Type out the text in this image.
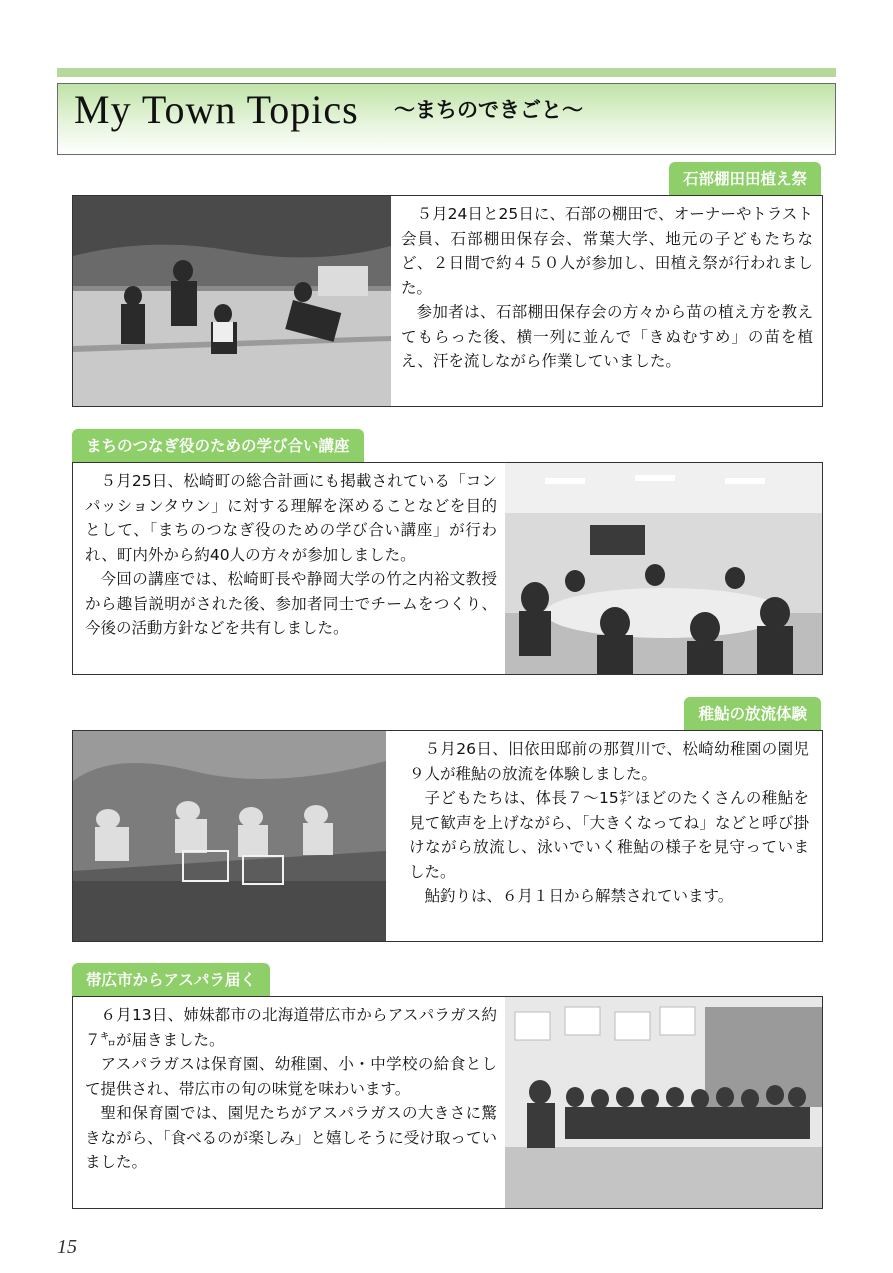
My Town Topics ～まちのできごと～
石部棚田田植え祭

５月24日と25日に、石部の棚田で、オーナーやトラスト会員、石部棚田保存会、常葉大学、地元の子どもたちなど、２日間で約４５０人が参加し、田植え祭が行われました。

参加者は、石部棚田保存会の方々から苗の植え方を教えてもらった後、横一列に並んで「きぬむすめ」の苗を植え、汗を流しながら作業していました。

まちのつなぎ役のための学び合い講座

５月25日、松崎町の総合計画にも掲載されている「コンパッションタウン」に対する理解を深めることなどを目的として、「まちのつなぎ役のための学び合い講座」が行われ、町内外から約40人の方々が参加しました。

今回の講座では、松崎町長や静岡大学の竹之内裕文教授から趣旨説明がされた後、参加者同士でチームをつくり、今後の活動方針などを共有しました。

稚鮎の放流体験

５月26日、旧依田邸前の那賀川で、松崎幼稚園の園児９人が稚鮎の放流を体験しました。

子どもたちは、体長７～15㌢ほどのたくさんの稚鮎を見て歓声を上げながら、「大きくなってね」などと呼び掛けながら放流し、泳いでいく稚鮎の様子を見守っていました。

鮎釣りは、６月１日から解禁されています。

帯広市からアスパラ届く

６月13日、姉妹都市の北海道帯広市からアスパラガス約７㌔が届きました。

アスパラガスは保育園、幼稚園、小・中学校の給食として提供され、帯広市の旬の味覚を味わいます。

聖和保育園では、園児たちがアスパラガスの大きさに驚きながら、「食べるのが楽しみ」と嬉しそうに受け取っていました。

15
